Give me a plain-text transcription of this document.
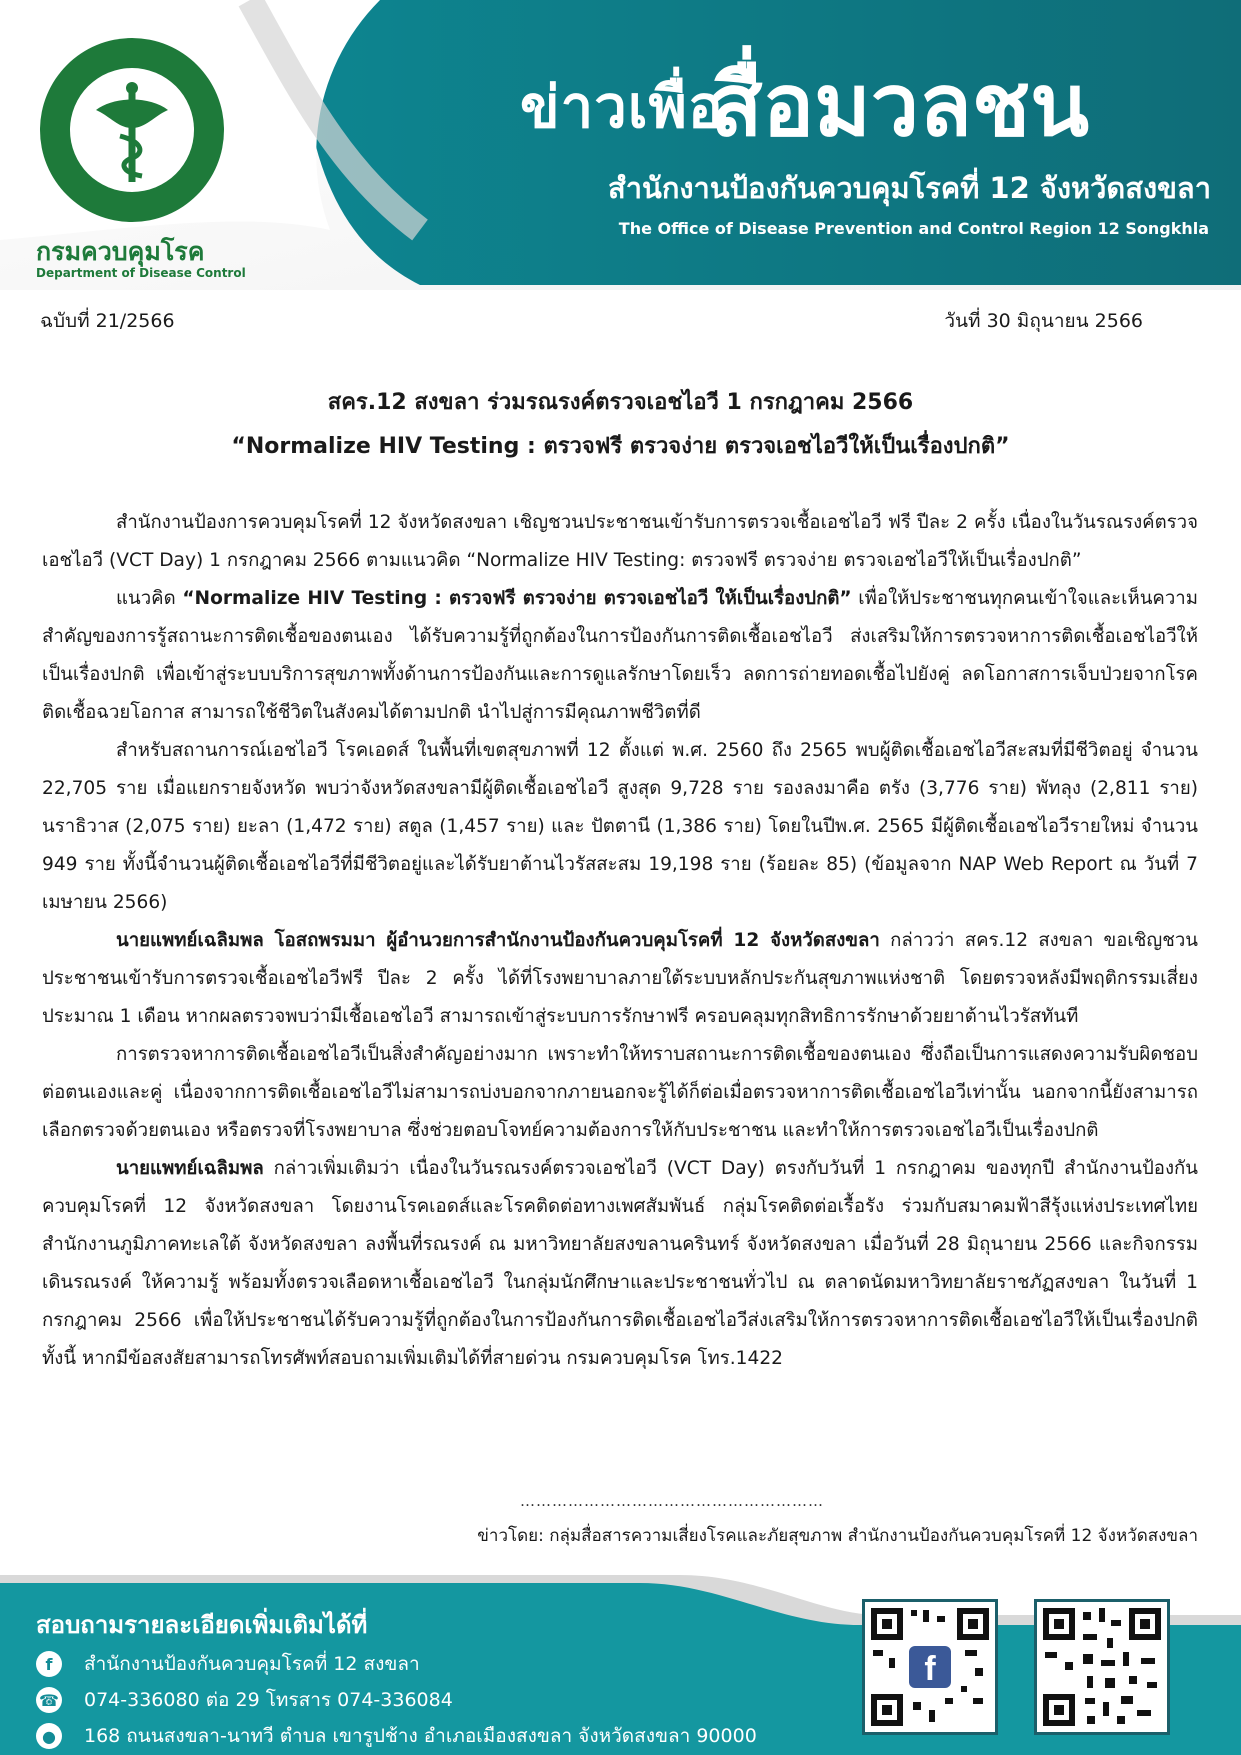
กรมควบคุมโรค
Department of Disease Control
ข่าวเพื่อ
สื่อมวลชน
สำนักงานป้องกันควบคุมโรคที่ 12 จังหวัดสงขลา
The Office of Disease Prevention and Control Region 12 Songkhla
ฉบับที่ 21/2566	วันที่ 30 มิถุนายน 2566
สคร.12 สงขลา ร่วมรณรงค์ตรวจเอชไอวี 1 กรกฎาคม 2566
“Normalize HIV Testing : ตรวจฟรี ตรวจง่าย ตรวจเอชไอวีให้เป็นเรื่องปกติ”

สำนักงานป้องการควบคุมโรคที่ 12 จังหวัดสงขลา เชิญชวนประชาชนเข้ารับการตรวจเชื้อเอชไอวี ฟรี ปีละ 2 ครั้ง เนื่องในวันรณรงค์ตรวจเอชไอวี (VCT Day) 1 กรกฎาคม 2566 ตามแนวคิด “Normalize HIV Testing: ตรวจฟรี ตรวจง่าย ตรวจเอชไอวีให้เป็นเรื่องปกติ”

แนวคิด “Normalize HIV Testing : ตรวจฟรี ตรวจง่าย ตรวจเอชไอวี ให้เป็นเรื่องปกติ” เพื่อให้ประชาชนทุกคนเข้าใจและเห็นความสำคัญของการรู้สถานะการติดเชื้อของตนเอง ได้รับความรู้ที่ถูกต้องในการป้องกันการติดเชื้อเอชไอวี ส่งเสริมให้การตรวจหาการติดเชื้อเอชไอวีให้เป็นเรื่องปกติ เพื่อเข้าสู่ระบบบริการสุขภาพทั้งด้านการป้องกันและการดูแลรักษาโดยเร็ว ลดการถ่ายทอดเชื้อไปยังคู่ ลดโอกาสการเจ็บป่วยจากโรคติดเชื้อฉวยโอกาส สามารถใช้ชีวิตในสังคมได้ตามปกติ นำไปสู่การมีคุณภาพชีวิตที่ดี

สำหรับสถานการณ์เอชไอวี โรคเอดส์ ในพื้นที่เขตสุขภาพที่ 12 ตั้งแต่ พ.ศ. 2560 ถึง 2565 พบผู้ติดเชื้อเอชไอวีสะสมที่มีชีวิตอยู่ จำนวน 22,705 ราย เมื่อแยกรายจังหวัด พบว่าจังหวัดสงขลามีผู้ติดเชื้อเอชไอวี สูงสุด 9,728 ราย รองลงมาคือ ตรัง (3,776 ราย) พัทลุง (2,811 ราย) นราธิวาส (2,075 ราย) ยะลา (1,472 ราย) สตูล (1,457 ราย) และ ปัตตานี (1,386 ราย) โดยในปีพ.ศ. 2565 มีผู้ติดเชื้อเอชไอวีรายใหม่ จำนวน 949 ราย ทั้งนี้จำนวนผู้ติดเชื้อเอชไอวีที่มีชีวิตอยู่และได้รับยาต้านไวรัสสะสม 19,198 ราย (ร้อยละ 85) (ข้อมูลจาก NAP Web Report ณ วันที่ 7 เมษายน 2566)

นายแพทย์เฉลิมพล โอสถพรมมา ผู้อำนวยการสำนักงานป้องกันควบคุมโรคที่ 12 จังหวัดสงขลา กล่าวว่า สคร.12 สงขลา ขอเชิญชวนประชาชนเข้ารับการตรวจเชื้อเอชไอวีฟรี ปีละ 2 ครั้ง ได้ที่โรงพยาบาลภายใต้ระบบหลักประกันสุขภาพแห่งชาติ โดยตรวจหลังมีพฤติกรรมเสี่ยงประมาณ 1 เดือน หากผลตรวจพบว่ามีเชื้อเอชไอวี สามารถเข้าสู่ระบบการรักษาฟรี ครอบคลุมทุกสิทธิการรักษาด้วยยาต้านไวรัสทันที

การตรวจหาการติดเชื้อเอชไอวีเป็นสิ่งสำคัญอย่างมาก เพราะทำให้ทราบสถานะการติดเชื้อของตนเอง ซึ่งถือเป็นการแสดงความรับผิดชอบต่อตนเองและคู่ เนื่องจากการติดเชื้อเอชไอวีไม่สามารถบ่งบอกจากภายนอกจะรู้ได้ก็ต่อเมื่อตรวจหาการติดเชื้อเอชไอวีเท่านั้น นอกจากนี้ยังสามารถเลือกตรวจด้วยตนเอง หรือตรวจที่โรงพยาบาล ซึ่งช่วยตอบโจทย์ความต้องการให้กับประชาชน และทำให้การตรวจเอชไอวีเป็นเรื่องปกติ

นายแพทย์เฉลิมพล กล่าวเพิ่มเติมว่า เนื่องในวันรณรงค์ตรวจเอชไอวี (VCT Day) ตรงกับวันที่ 1 กรกฎาคม ของทุกปี สำนักงานป้องกันควบคุมโรคที่ 12 จังหวัดสงขลา โดยงานโรคเอดส์และโรคติดต่อทางเพศสัมพันธ์ กลุ่มโรคติดต่อเรื้อรัง ร่วมกับสมาคมฟ้าสีรุ้งแห่งประเทศไทย สำนักงานภูมิภาคทะเลใต้ จังหวัดสงขลา ลงพื้นที่รณรงค์ ณ มหาวิทยาลัยสงขลานครินทร์ จังหวัดสงขลา เมื่อวันที่ 28 มิถุนายน 2566 และกิจกรรมเดินรณรงค์ ให้ความรู้ พร้อมทั้งตรวจเลือดหาเชื้อเอชไอวี ในกลุ่มนักศึกษาและประชาชนทั่วไป ณ ตลาดนัดมหาวิทยาลัยราชภัฏสงขลา ในวันที่ 1 กรกฎาคม 2566 เพื่อให้ประชาชนได้รับความรู้ที่ถูกต้องในการป้องกันการติดเชื้อเอชไอวีส่งเสริมให้การตรวจหาการติดเชื้อเอชไอวีให้เป็นเรื่องปกติ ทั้งนี้ หากมีข้อสงสัยสามารถโทรศัพท์สอบถามเพิ่มเติมได้ที่สายด่วน กรมควบคุมโรค โทร.1422

…………………………………………………
ข่าวโดย: กลุ่มสื่อสารความเสี่ยงโรคและภัยสุขภาพ สำนักงานป้องกันควบคุมโรคที่ 12 จังหวัดสงขลา
สอบถามรายละเอียดเพิ่มเติมได้ที่
f	สำนักงานป้องกันควบคุมโรคที่ 12 สงขลา
☎ 074-336080 ต่อ 29 โทรสาร 074-336084
●	168 ถนนสงขลา-นาทวี ตำบล เขารูปช้าง อำเภอเมืองสงขลา จังหวัดสงขลา 90000
f
